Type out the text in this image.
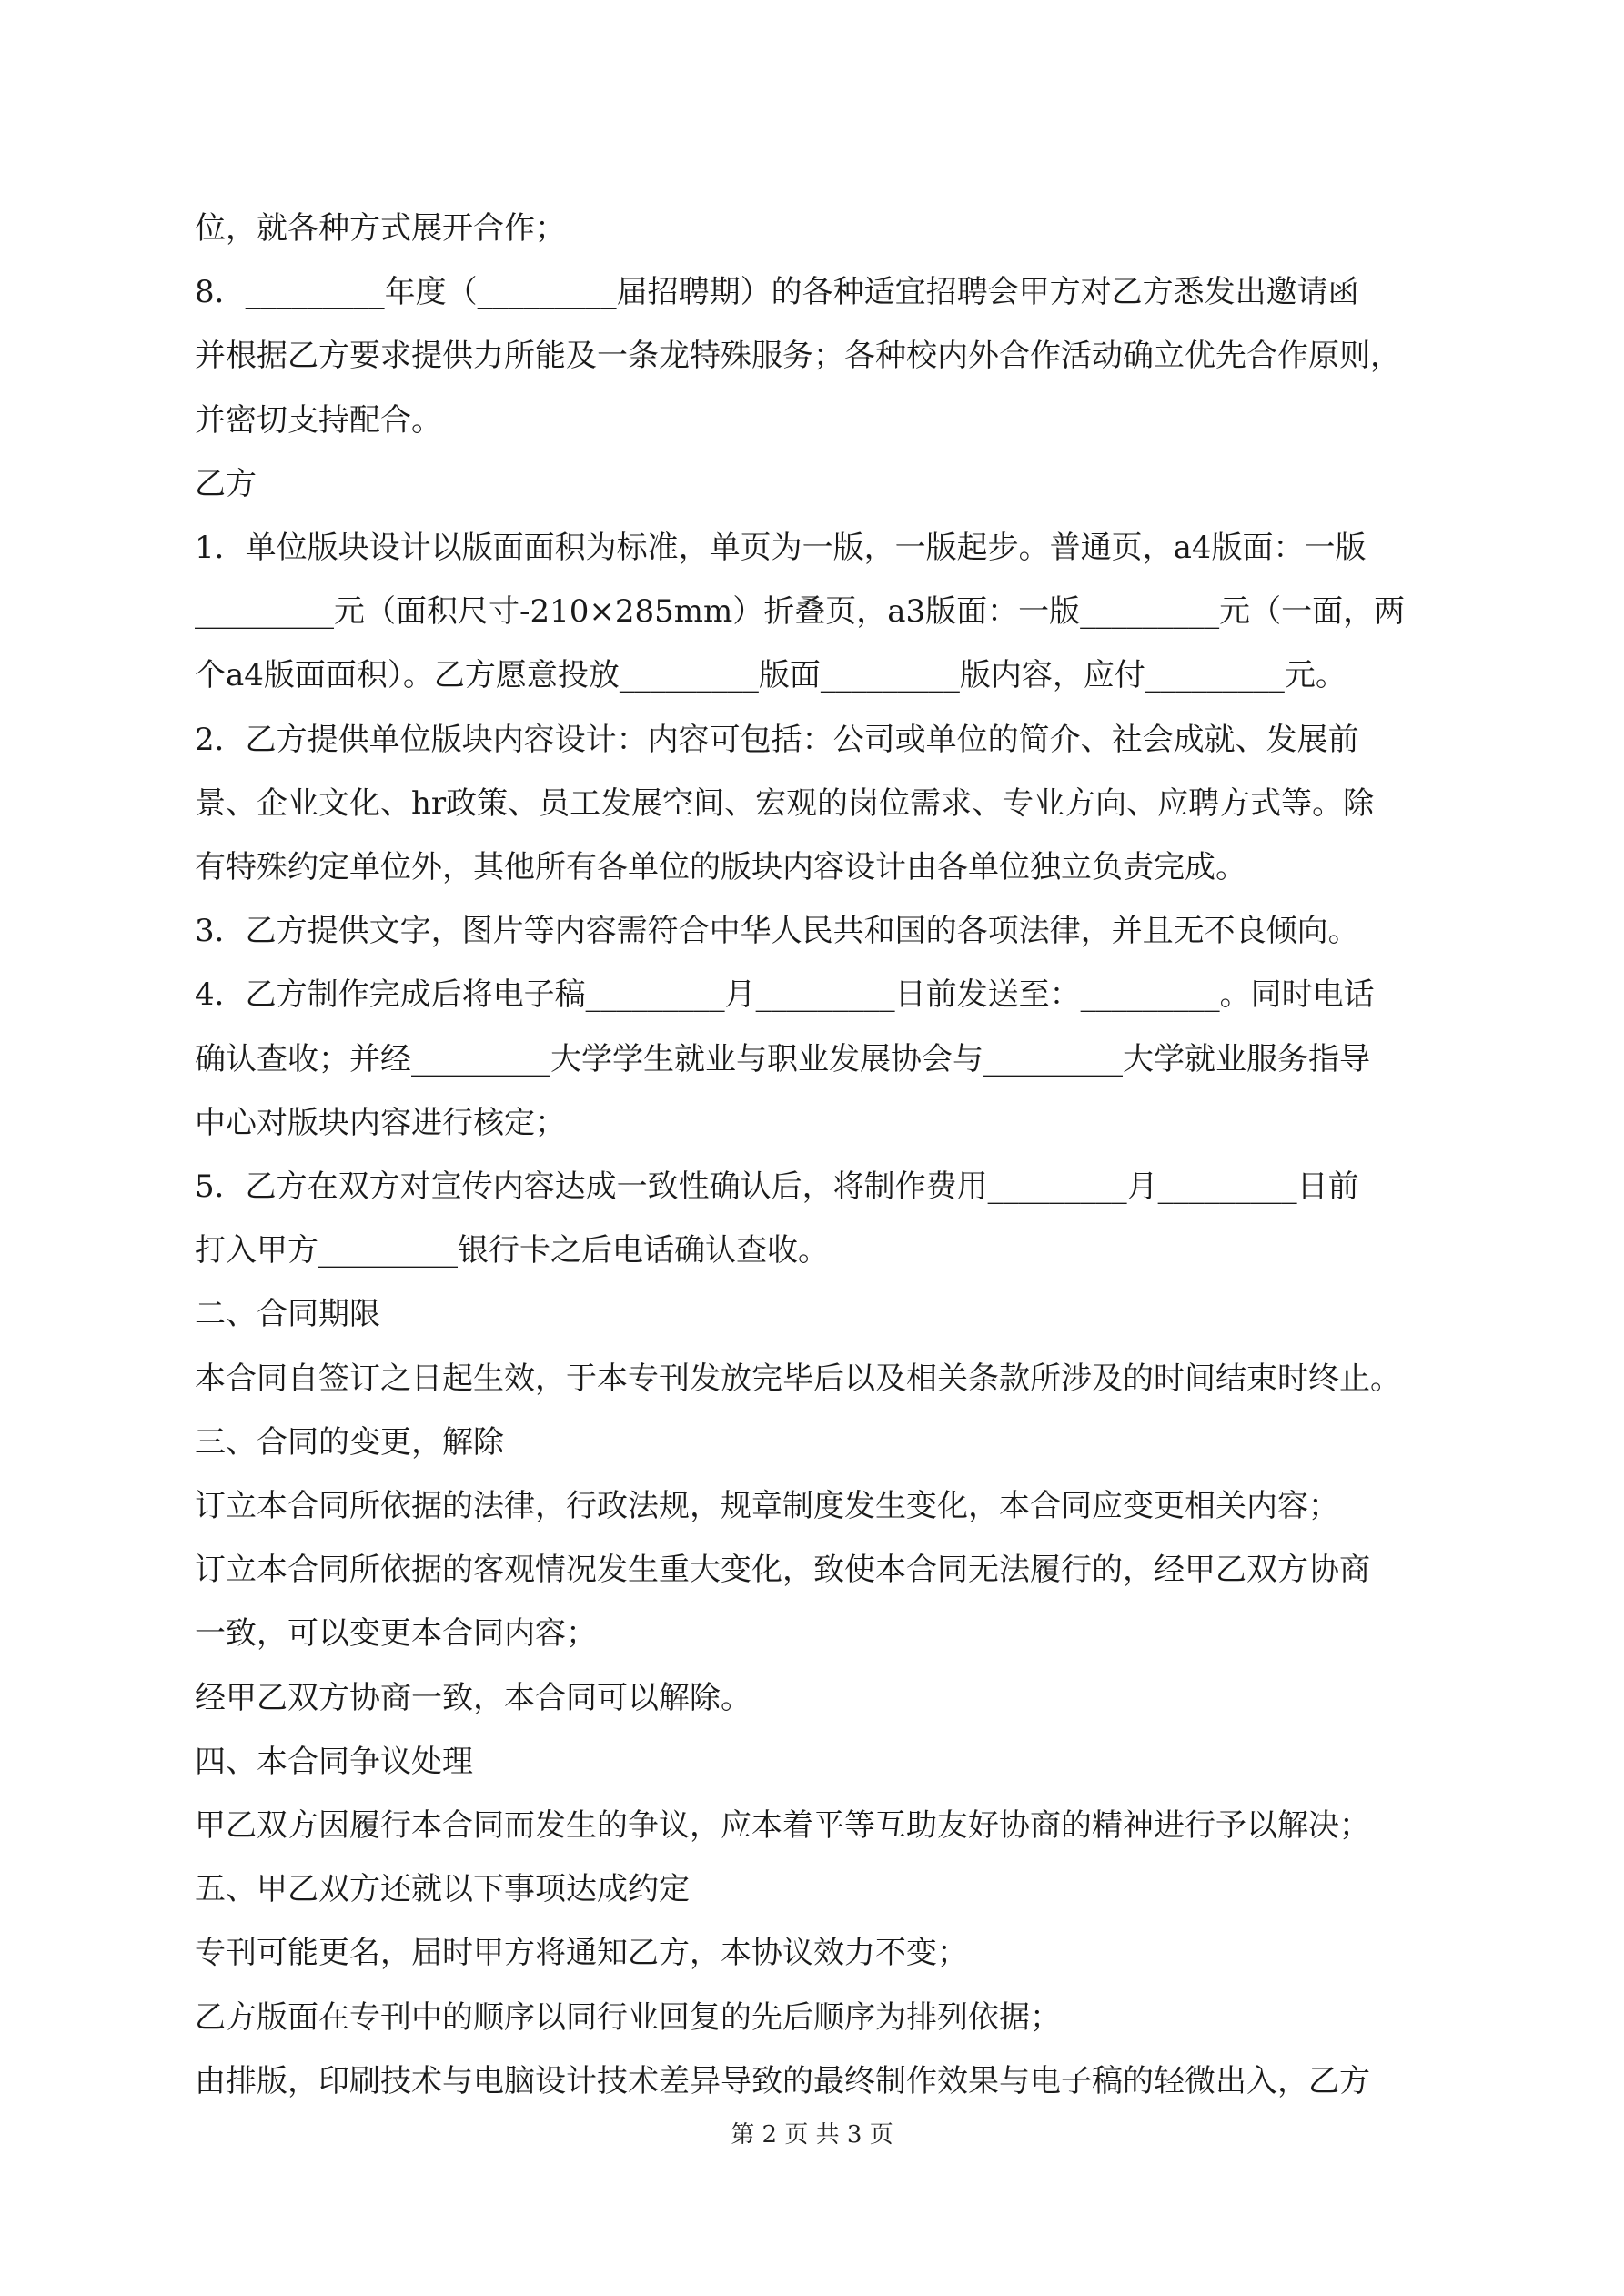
位，就各种方式展开合作；

8．_________年度（_________届招聘期）的各种适宜招聘会甲方对乙方悉发出邀请函

并根据乙方要求提供力所能及一条龙特殊服务；各种校内外合作活动确立优先合作原则，

并密切支持配合。

乙方

1．单位版块设计以版面面积为标准，单页为一版，一版起步。普通页，a4版面：一版

_________元（面积尺寸-210×285mm）折叠页，a3版面：一版_________元（一面，两

个a4版面面积）。乙方愿意投放_________版面_________版内容，应付_________元。

2．乙方提供单位版块内容设计：内容可包括：公司或单位的简介、社会成就、发展前

景、企业文化、hr政策、员工发展空间、宏观的岗位需求、专业方向、应聘方式等。除

有特殊约定单位外，其他所有各单位的版块内容设计由各单位独立负责完成。

3．乙方提供文字，图片等内容需符合中华人民共和国的各项法律，并且无不良倾向。

4．乙方制作完成后将电子稿_________月_________日前发送至：_________。同时电话

确认查收；并经_________大学学生就业与职业发展协会与_________大学就业服务指导

中心对版块内容进行核定；

5．乙方在双方对宣传内容达成一致性确认后，将制作费用_________月_________日前

打入甲方_________银行卡之后电话确认查收。

二、合同期限

本合同自签订之日起生效，于本专刊发放完毕后以及相关条款所涉及的时间结束时终止。

三、合同的变更，解除

订立本合同所依据的法律，行政法规，规章制度发生变化，本合同应变更相关内容；

订立本合同所依据的客观情况发生重大变化，致使本合同无法履行的，经甲乙双方协商

一致，可以变更本合同内容；

经甲乙双方协商一致，本合同可以解除。

四、本合同争议处理

甲乙双方因履行本合同而发生的争议，应本着平等互助友好协商的精神进行予以解决；

五、甲乙双方还就以下事项达成约定

专刊可能更名，届时甲方将通知乙方，本协议效力不变；

乙方版面在专刊中的顺序以同行业回复的先后顺序为排列依据；

由排版，印刷技术与电脑设计技术差异导致的最终制作效果与电子稿的轻微出入，乙方

第 2 页 共 3 页
